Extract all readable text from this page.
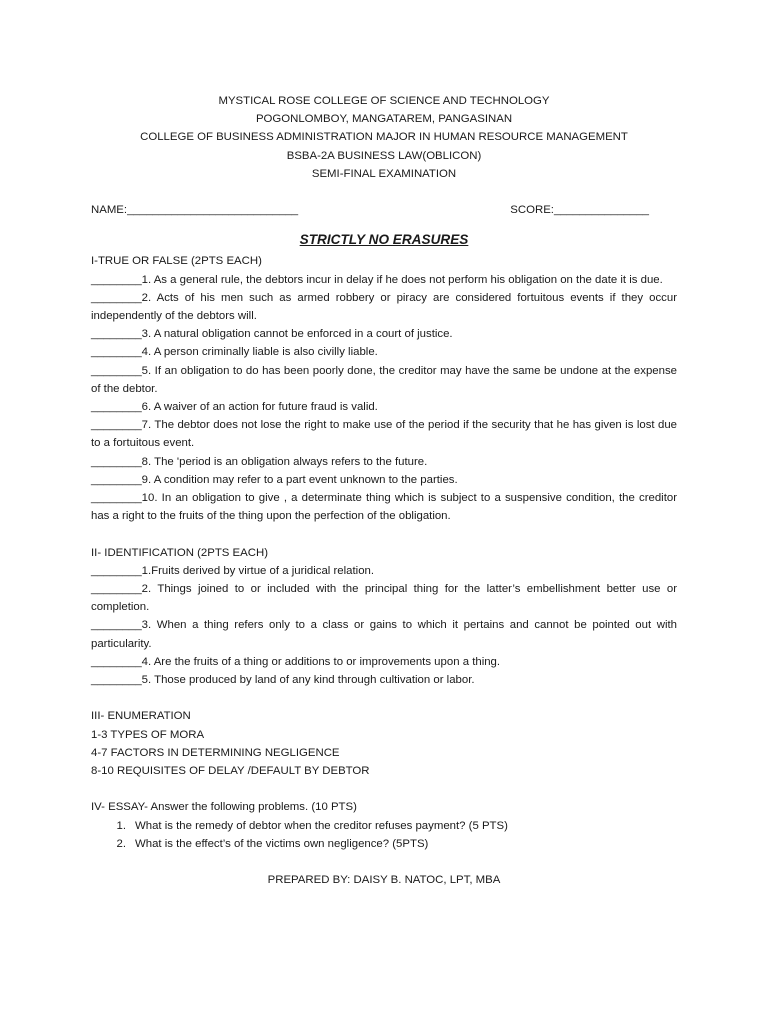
MYSTICAL ROSE COLLEGE OF SCIENCE AND TECHNOLOGY
POGONLOMBOY, MANGATAREM, PANGASINAN
COLLEGE OF BUSINESS ADMINISTRATION MAJOR IN HUMAN RESOURCE MANAGEMENT
BSBA-2A BUSINESS LAW(OBLICON)
SEMI-FINAL EXAMINATION
NAME:___________________________	SCORE:_______________
STRICTLY NO ERASURES
I-TRUE OR FALSE (2PTS EACH)
________1. As a general rule, the debtors incur in delay if he does not perform his obligation on the date it is due.
________2. Acts of his men such as armed robbery or piracy are considered fortuitous events if they occur independently of the debtors will.
________3. A natural obligation cannot be enforced in a court of justice.
________4. A person criminally liable is also civilly liable.
________5. If an obligation to do has been poorly done, the creditor may have the same be undone at the expense of the debtor.
________6. A waiver of an action for future fraud is valid.
________7. The debtor does not lose the right to make use of the period if the security that he has given is lost due to a fortuitous event.
________8. The 'period is an obligation always refers to the future.
________9. A condition may refer to a part event unknown to the parties.
________10. In an obligation to give , a determinate thing which is subject to a suspensive condition, the creditor has a right to the fruits of the thing upon the perfection of the obligation.
II- IDENTIFICATION (2PTS EACH)
________1.Fruits derived by virtue of a juridical relation.
________2. Things joined to or included with the principal thing for the latter’s embellishment better use or completion.
________3. When a thing refers only to a class or gains to which it pertains and cannot be pointed out with particularity.
________4. Are the fruits of a thing or additions to or improvements upon a thing.
________5. Those produced by land of any kind through cultivation or labor.
III- ENUMERATION
1-3 TYPES OF MORA
4-7 FACTORS IN DETERMINING NEGLIGENCE
8-10 REQUISITES OF DELAY /DEFAULT BY DEBTOR
IV- ESSAY- Answer the following problems. (10 PTS)
1. What is the remedy of debtor when the creditor refuses payment? (5 PTS)
2. What is the effect’s of the victims own negligence? (5PTS)
PREPARED BY: DAISY B. NATOC, LPT, MBA
